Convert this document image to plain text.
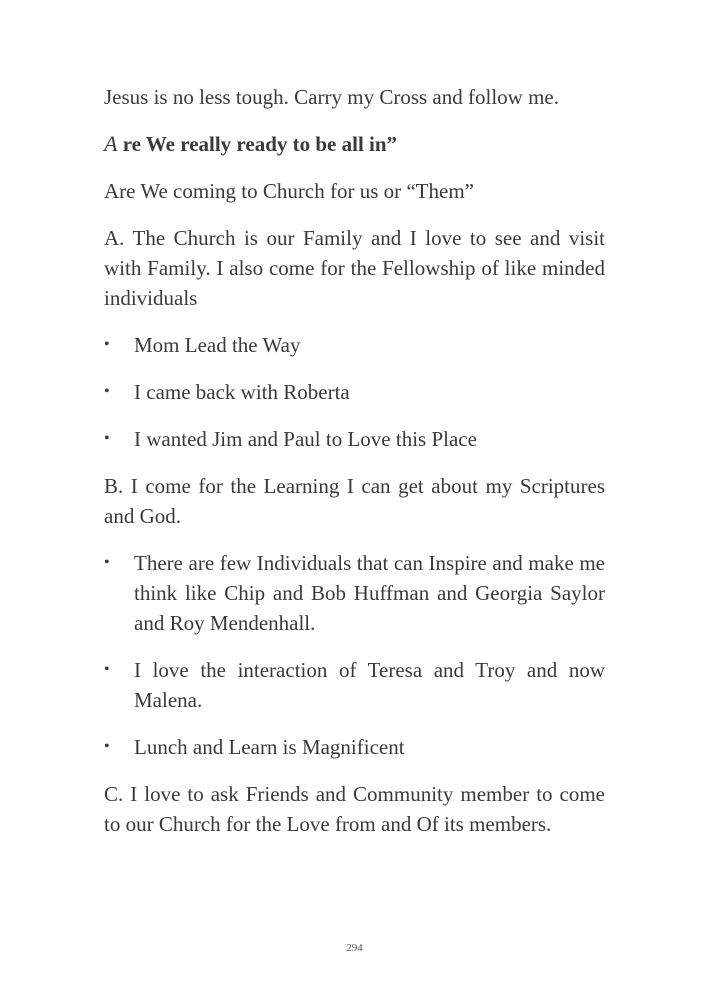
Jesus is no less tough. Carry my Cross and follow me.

A re We really ready to be all in”

Are We coming to Church for us or “Them”

A. The Church is our Family and I love to see and visit with Family. I also come for the Fellowship of like minded individuals

• Mom Lead the Way
• I came back with Roberta
• I wanted Jim and Paul to Love this Place

B. I come for the Learning I can get about my Scriptures and God.

• There are few Individuals that can Inspire and make me think like Chip and Bob Huffman and Georgia Saylor and Roy Mendenhall.
• I love the interaction of Teresa and Troy and now Malena.
• Lunch and Learn is Magnificent

C. I love to ask Friends and Community member to come to our Church for the Love from and Of its members.

294
